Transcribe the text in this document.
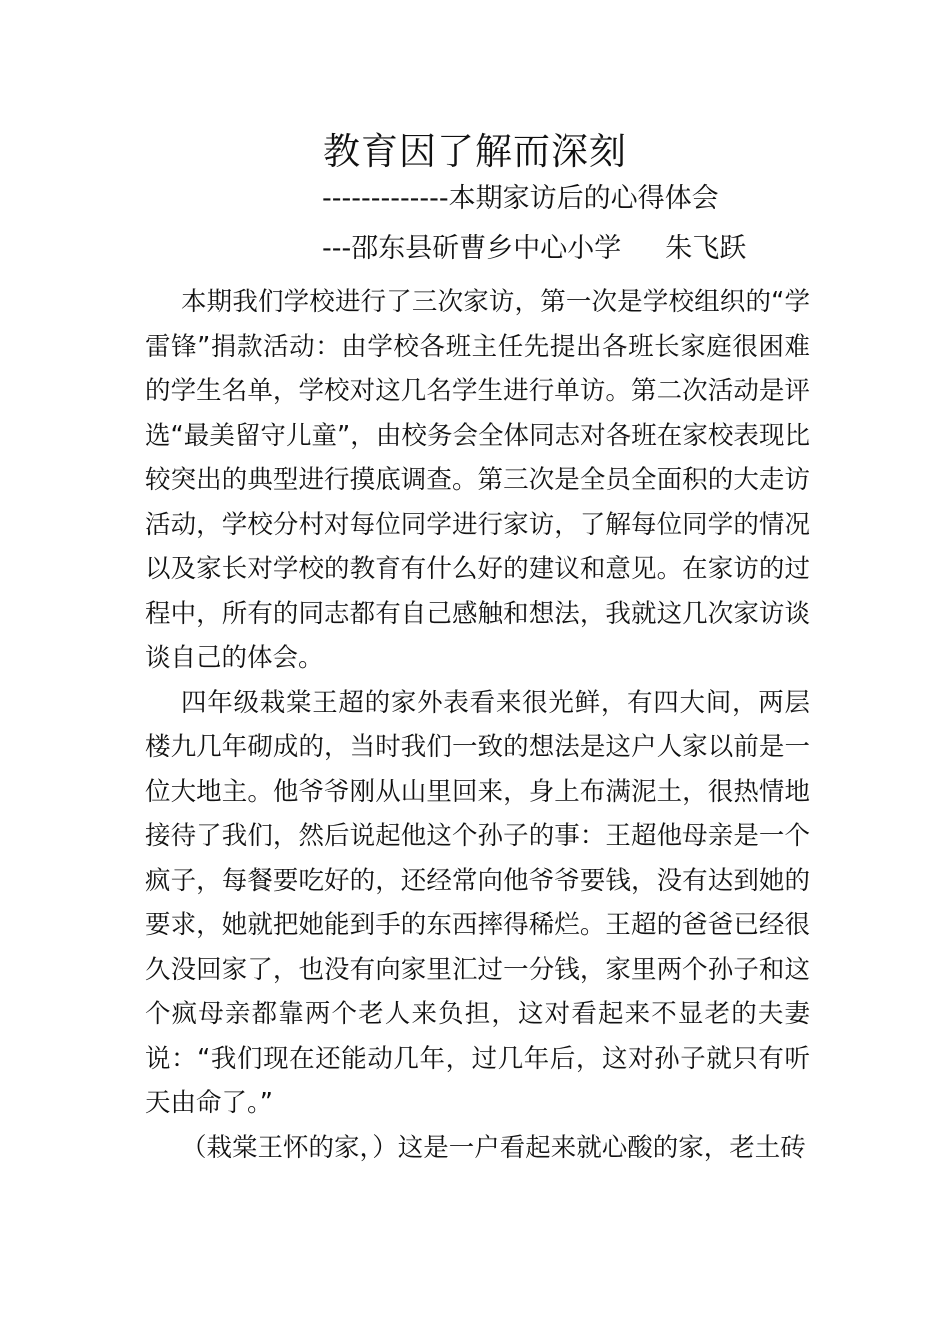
教育因了解而深刻
-------------本期家访后的心得体会
---邵东县斫曹乡中心小学 朱飞跃

本期我们学校进行了三次家访，第一次是学校组织的“学雷锋”捐款活动：由学校各班主任先提出各班长家庭很困难的学生名单，学校对这几名学生进行单访。第二次活动是评选“最美留守儿童”，由校务会全体同志对各班在家校表现比较突出的典型进行摸底调查。第三次是全员全面积的大走访活动，学校分村对每位同学进行家访，了解每位同学的情况以及家长对学校的教育有什么好的建议和意见。在家访的过程中，所有的同志都有自己感触和想法，我就这几次家访谈谈自己的体会。

四年级栽棠王超的家外表看来很光鲜，有四大间，两层楼九几年砌成的，当时我们一致的想法是这户人家以前是一位大地主。他爷爷刚从山里回来，身上布满泥土，很热情地接待了我们，然后说起他这个孙子的事：王超他母亲是一个疯子，每餐要吃好的，还经常向他爷爷要钱，没有达到她的要求，她就把她能到手的东西摔得稀烂。王超的爸爸已经很久没回家了，也没有向家里汇过一分钱，家里两个孙子和这个疯母亲都靠两个老人来负担，这对看起来不显老的夫妻说：“我们现在还能动几年，过几年后，这对孙子就只有听天由命了。”

（栽棠王怀的家，）这是一户看起来就心酸的家，老土砖
